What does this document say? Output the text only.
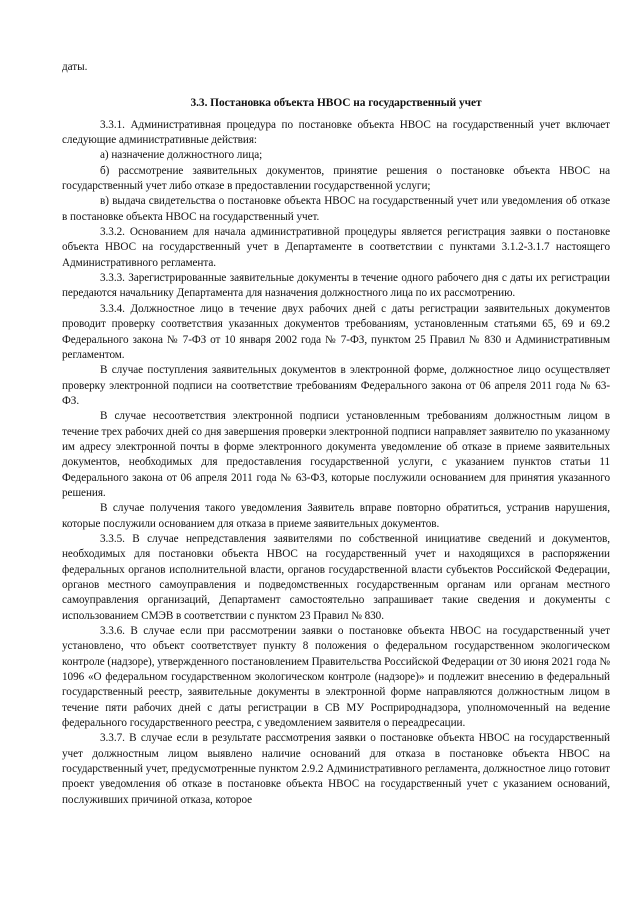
даты.

3.3. Постановка объекта НВОС на государственный учет

3.3.1. Административная процедура по постановке объекта НВОС на государственный учет включает следующие административные действия:

а) назначение должностного лица;

б) рассмотрение заявительных документов, принятие решения о постановке объекта НВОС на государственный учет либо отказе в предоставлении государственной услуги;

в) выдача свидетельства о постановке объекта НВОС на государственный учет или уведомления об отказе в постановке объекта НВОС на государственный учет.

3.3.2. Основанием для начала административной процедуры является регистрация заявки о постановке объекта НВОС на государственный учет в Департаменте в соответствии с пунктами 3.1.2-3.1.7 настоящего Административного регламента.

3.3.3. Зарегистрированные заявительные документы в течение одного рабочего дня с даты их регистрации передаются начальнику Департамента для назначения должностного лица по их рассмотрению.

3.3.4. Должностное лицо в течение двух рабочих дней с даты регистрации заявительных документов проводит проверку соответствия указанных документов требованиям, установленным статьями 65, 69 и 69.2 Федерального закона № 7-ФЗ от 10 января 2002 года № 7-ФЗ, пунктом 25 Правил № 830 и Административным регламентом.

В случае поступления заявительных документов в электронной форме, должностное лицо осуществляет проверку электронной подписи на соответствие требованиям Федерального закона от 06 апреля 2011 года № 63-ФЗ.

В случае несоответствия электронной подписи установленным требованиям должностным лицом в течение трех рабочих дней со дня завершения проверки электронной подписи направляет заявителю по указанному им адресу электронной почты в форме электронного документа уведомление об отказе в приеме заявительных документов, необходимых для предоставления государственной услуги, с указанием пунктов статьи 11 Федерального закона от 06 апреля 2011 года № 63-ФЗ, которые послужили основанием для принятия указанного решения.

В случае получения такого уведомления Заявитель вправе повторно обратиться, устранив нарушения, которые послужили основанием для отказа в приеме заявительных документов.

3.3.5. В случае непредставления заявителями по собственной инициативе сведений и документов, необходимых для постановки объекта НВОС на государственный учет и находящихся в распоряжении федеральных органов исполнительной власти, органов государственной власти субъектов Российской Федерации, органов местного самоуправления и подведомственных государственным органам или органам местного самоуправления организаций, Департамент самостоятельно запрашивает такие сведения и документы с использованием СМЭВ в соответствии с пунктом 23 Правил № 830.

3.3.6. В случае если при рассмотрении заявки о постановке объекта НВОС на государственный учет установлено, что объект соответствует пункту 8 положения о федеральном государственном экологическом контроле (надзоре), утвержденного постановлением Правительства Российской Федерации от 30 июня 2021 года № 1096 «О федеральном государственном экологическом контроле (надзоре)» и подлежит внесению в федеральный государственный реестр, заявительные документы в электронной форме направляются должностным лицом в течение пяти рабочих дней с даты регистрации в СВ МУ Росприроднадзора, уполномоченный на ведение федерального государственного реестра, с уведомлением заявителя о переадресации.

3.3.7. В случае если в результате рассмотрения заявки о постановке объекта НВОС на государственный учет должностным лицом выявлено наличие оснований для отказа в постановке объекта НВОС на государственный учет, предусмотренные пунктом 2.9.2 Административного регламента, должностное лицо готовит проект уведомления об отказе в постановке объекта НВОС на государственный учет с указанием оснований, послуживших причиной отказа, которое
